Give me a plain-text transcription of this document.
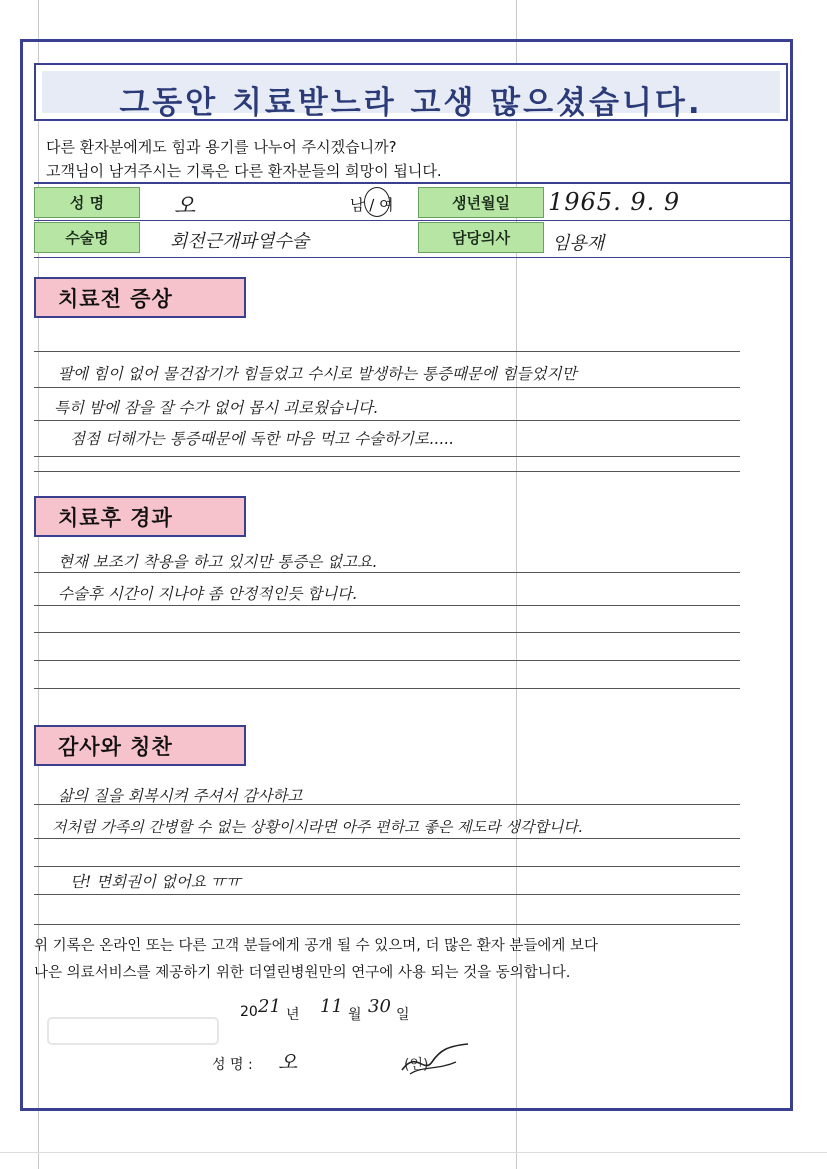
그동안 치료받느라 고생 많으셨습니다.
다른 환자분에게도 힘과 용기를 나누어 주시겠습니까?
고객님이 남겨주시는 기록은 다른 환자분들의 희망이 됩니다.
성 명	오	남 / 여	생년월일	1965. 9. 9
수술명	회전근개파열수술	담당의사	임용재
치료전 증상
팔에 힘이 없어 물건잡기가 힘들었고 수시로 발생하는 통증때문에 힘들었지만
특히 밤에 잠을 잘 수가 없어 몹시 괴로웠습니다.
점점 더해가는 통증때문에 독한 마음 먹고 수술하기로.....
치료후 경과
현재 보조기 착용을 하고 있지만 통증은 없고요.
수술후 시간이 지나야 좀 안정적인듯 합니다.
감사와 칭찬
삶의 질을 회복시켜 주셔서 감사하고
저처럼 가족의 간병할 수 없는 상황이시라면 아주 편하고 좋은 제도라 생각합니다.
단! 면회권이 없어요 ㅠㅠ
위 기록은 온라인 또는 다른 고객 분들에게 공개 될 수 있으며, 더 많은 환자 분들에게 보다
나은 의료서비스를 제공하기 위한 더열린병원만의 연구에 사용 되는 것을 동의합니다.
20 21 년 11 월 30 일
성 명 : 오	(인)
